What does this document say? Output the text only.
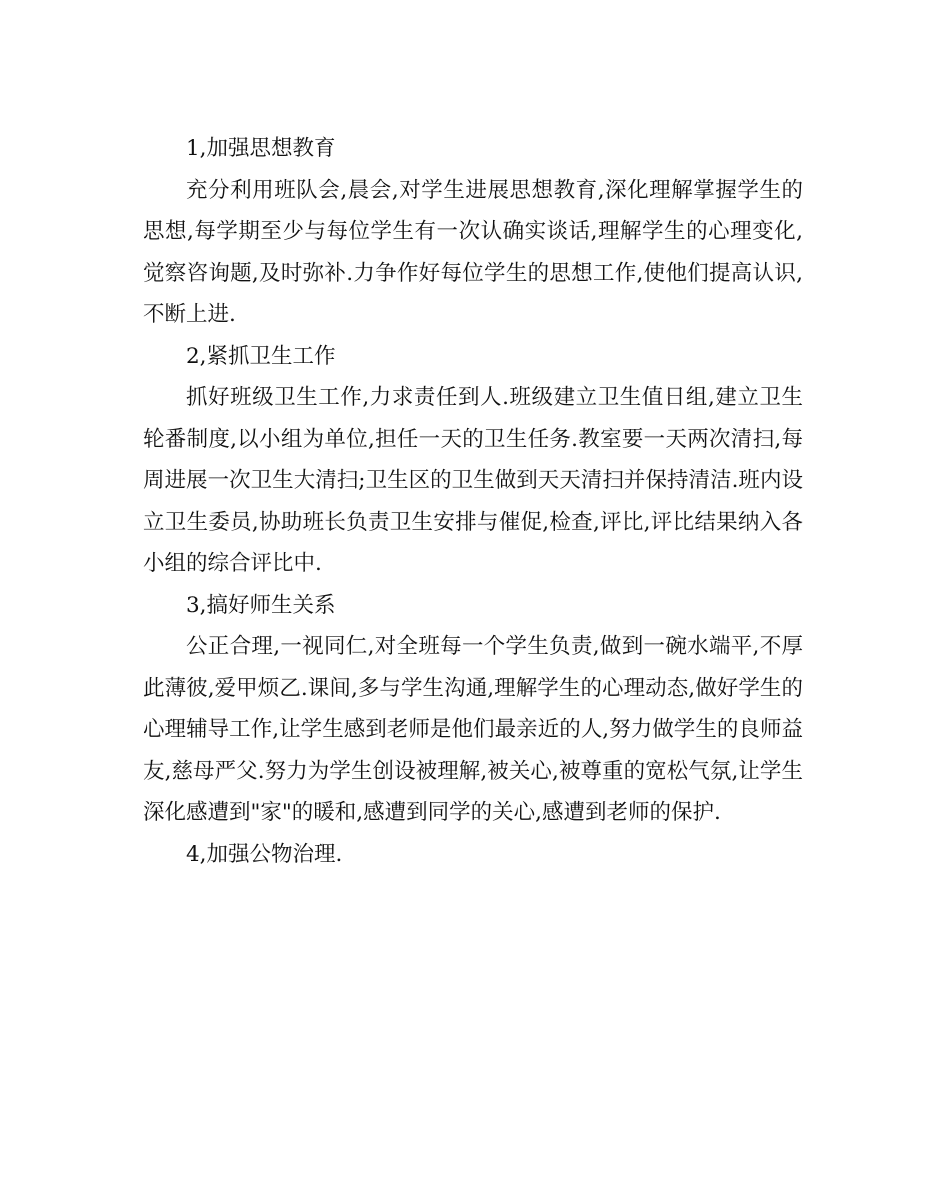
1,加强思想教育

充分利用班队会,晨会,对学生进展思想教育,深化理解掌握学生的思想,每学期至少与每位学生有一次认确实谈话,理解学生的心理变化,觉察咨询题,及时弥补.力争作好每位学生的思想工作,使他们提高认识,不断上进.

2,紧抓卫生工作

抓好班级卫生工作,力求责任到人.班级建立卫生值日组,建立卫生轮番制度,以小组为单位,担任一天的卫生任务.教室要一天两次清扫,每周进展一次卫生大清扫;卫生区的卫生做到天天清扫并保持清洁.班内设立卫生委员,协助班长负责卫生安排与催促,检查,评比,评比结果纳入各小组的综合评比中.

3,搞好师生关系

公正合理,一视同仁,对全班每一个学生负责,做到一碗水端平,不厚此薄彼,爱甲烦乙.课间,多与学生沟通,理解学生的心理动态,做好学生的心理辅导工作,让学生感到老师是他们最亲近的人,努力做学生的良师益友,慈母严父.努力为学生创设被理解,被关心,被尊重的宽松气氛,让学生深化感遭到"家"的暖和,感遭到同学的关心,感遭到老师的保护.

4,加强公物治理.
